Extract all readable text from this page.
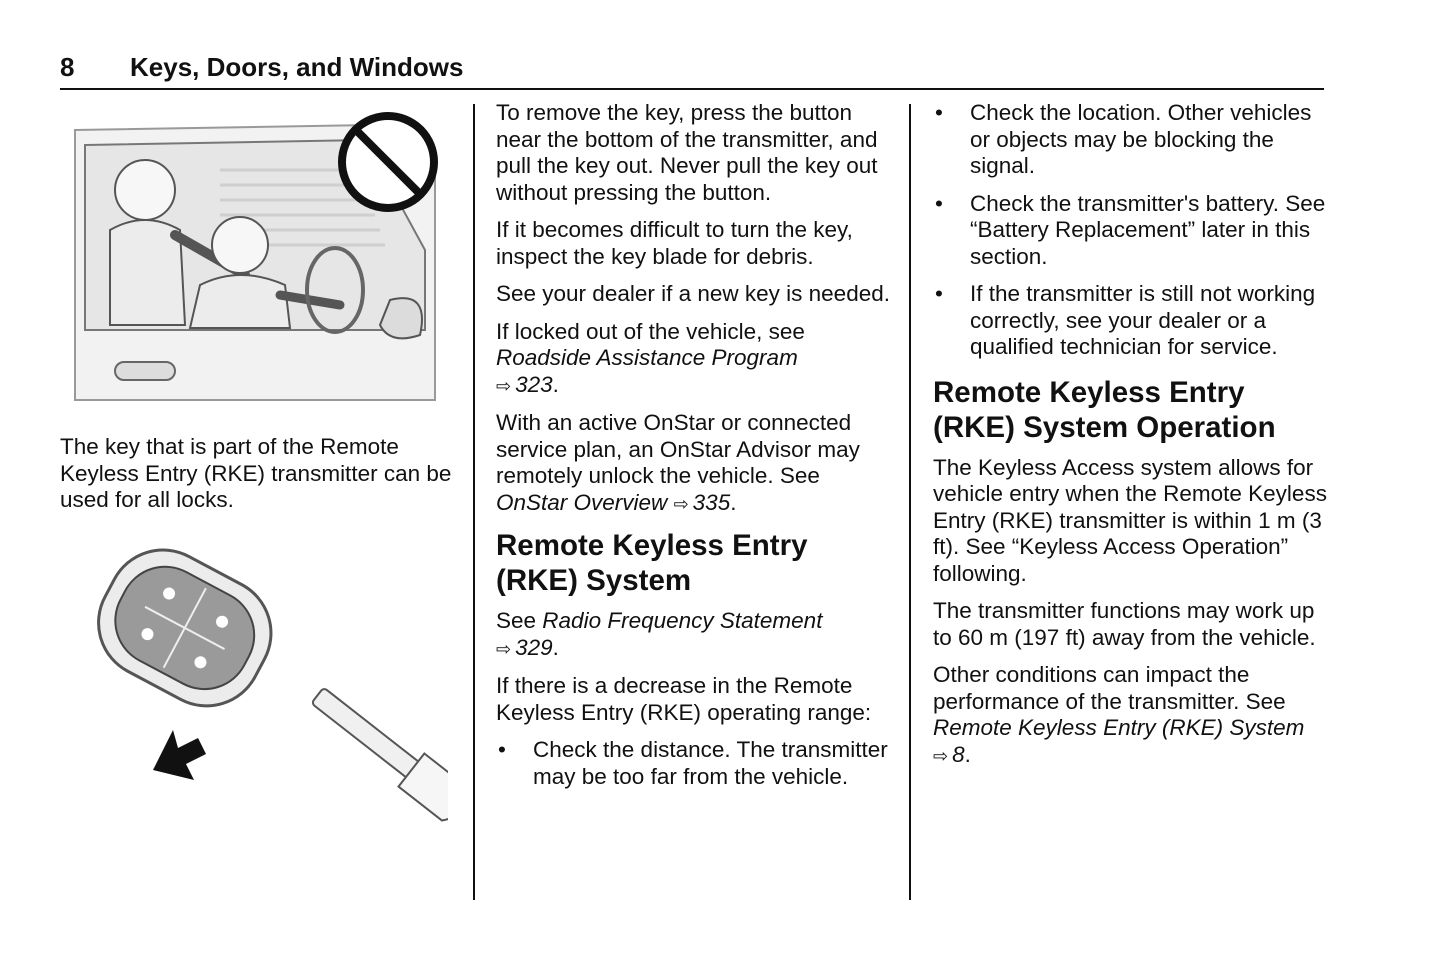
8 Keys, Doors, and Windows

The key that is part of the Remote Keyless Entry (RKE) transmitter can be used for all locks.

To remove the key, press the button near the bottom of the transmitter, and pull the key out. Never pull the key out without pressing the button.

If it becomes difficult to turn the key, inspect the key blade for debris.

See your dealer if a new key is needed.

If locked out of the vehicle, see Roadside Assistance Program
⇨ 323.

With an active OnStar or connected service plan, an OnStar Advisor may remotely unlock the vehicle. See OnStar Overview ⇨ 335.

Remote Keyless Entry (RKE) System

See Radio Frequency Statement
⇨ 329.

If there is a decrease in the Remote Keyless Entry (RKE) operating range:

• Check the distance. The transmitter may be too far from the vehicle.
• Check the location. Other vehicles or objects may be blocking the signal.
• Check the transmitter's battery. See “Battery Replacement” later in this section.
• If the transmitter is still not working correctly, see your dealer or a qualified technician for service.
Remote Keyless Entry (RKE) System Operation

The Keyless Access system allows for vehicle entry when the Remote Keyless Entry (RKE) transmitter is within 1 m (3 ft). See “Keyless Access Operation” following.

The transmitter functions may work up to 60 m (197 ft) away from the vehicle.

Other conditions can impact the performance of the transmitter. See Remote Keyless Entry (RKE) System ⇨ 8.
